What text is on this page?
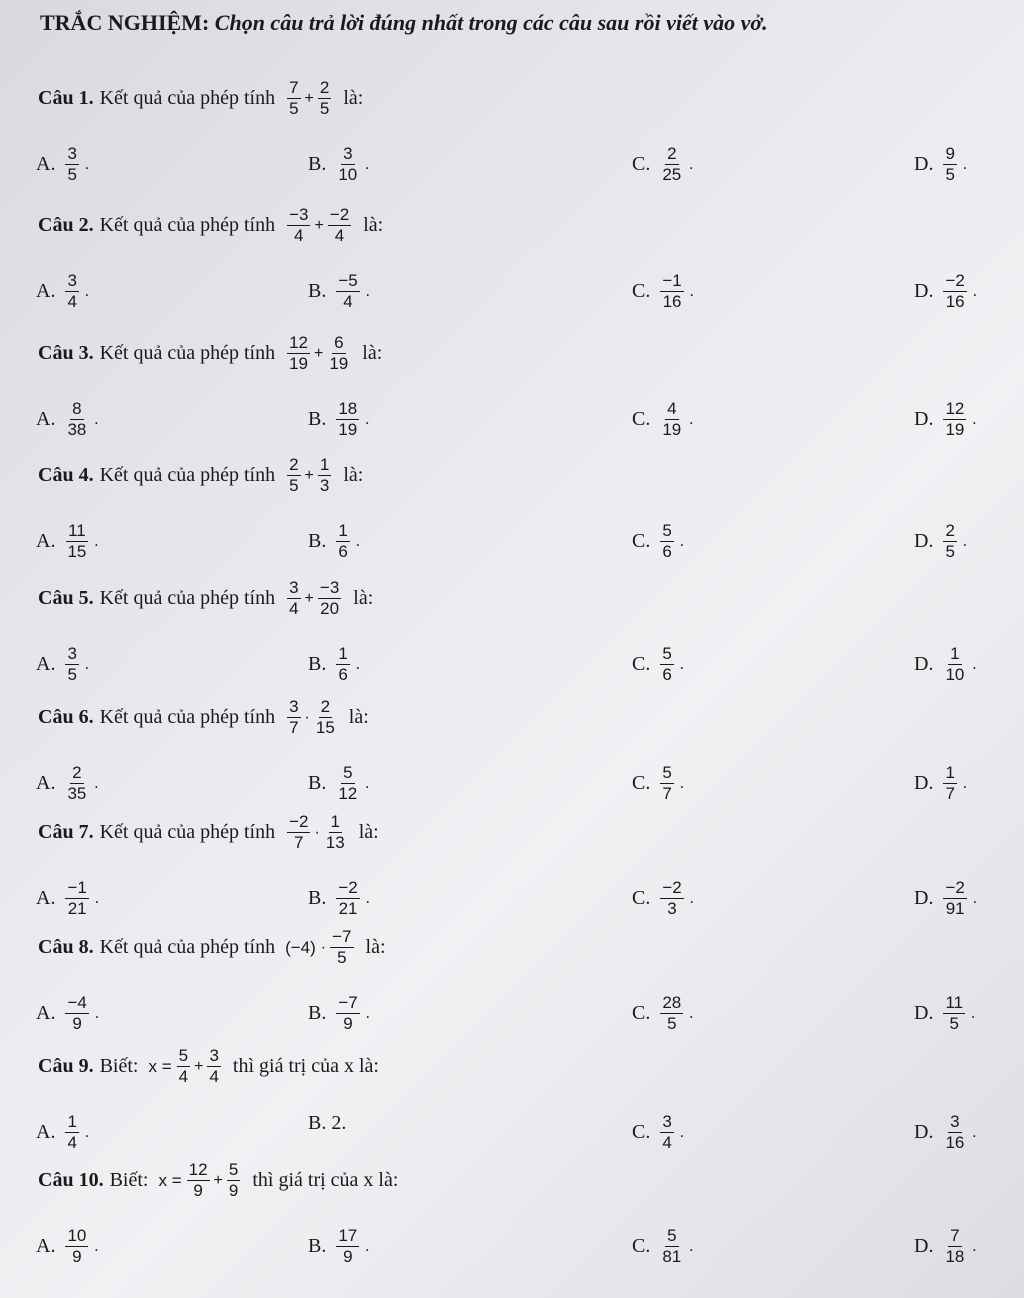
TRẮC NGHIỆM: Chọn câu trả lời đúng nhất trong các câu sau rồi viết vào vở.
Câu 1. Kết quả của phép tính $\frac{7}{5} + \frac{2}{5}$ là:
A. $\frac{3}{5}$ .	B. $\frac{3}{10}$ .	C. $\frac{2}{25}$ .	D. $\frac{9}{5}$ .
Câu 2. Kết quả của phép tính $\frac{-3}{4} + \frac{-2}{4}$ là:
A. $\frac{3}{4}$ .	B. $\frac{-5}{4}$ .	C. $\frac{-1}{16}$ .	D. $\frac{-2}{16}$ .
Câu 3. Kết quả của phép tính $\frac{12}{19} + \frac{6}{19}$ là:
A. $\frac{8}{38}$ .	B. $\frac{18}{19}$ .	C. $\frac{4}{19}$ .	D. $\frac{12}{19}$ .
Câu 4. Kết quả của phép tính $\frac{2}{5} + \frac{1}{3}$ là:
A. $\frac{11}{15}$ .	B. $\frac{1}{6}$ .	C. $\frac{5}{6}$ .	D. $\frac{2}{5}$ .
Câu 5. Kết quả của phép tính $\frac{3}{4} + \frac{-3}{20}$ là:
A. $\frac{3}{5}$ .	B. $\frac{1}{6}$ .	C. $\frac{5}{6}$ .	D. $\frac{1}{10}$ .
Câu 6. Kết quả của phép tính $\frac{3}{7} \cdot \frac{2}{15}$ là:
A. $\frac{2}{35}$ .	B. $\frac{5}{12}$ .	C. $\frac{5}{7}$ .	D. $\frac{1}{7}$ .
Câu 7. Kết quả của phép tính $\frac{-2}{7} \cdot \frac{1}{13}$ là:
A. $\frac{-1}{21}$ .	B. $\frac{-2}{21}$ .	C. $\frac{-2}{3}$ .	D. $\frac{-2}{91}$ .
Câu 8. Kết quả của phép tính $(-4) \cdot \frac{-7}{5}$ là:
A. $\frac{-4}{9}$ .	B. $\frac{-7}{9}$ .	C. $\frac{28}{5}$ .	D. $\frac{11}{5}$ .
Câu 9. Biết: $x = \frac{5}{4} + \frac{3}{4}$ thì giá trị của x là:
A. $\frac{1}{4}$ .	B. 2.	C. $\frac{3}{4}$ .	D. $\frac{3}{16}$ .
Câu 10. Biết: $x = \frac{12}{9} + \frac{5}{9}$ thì giá trị của x là:
A. $\frac{10}{9}$ .	B. $\frac{17}{9}$ .	C. $\frac{5}{81}$ .	D. $\frac{7}{18}$ .
